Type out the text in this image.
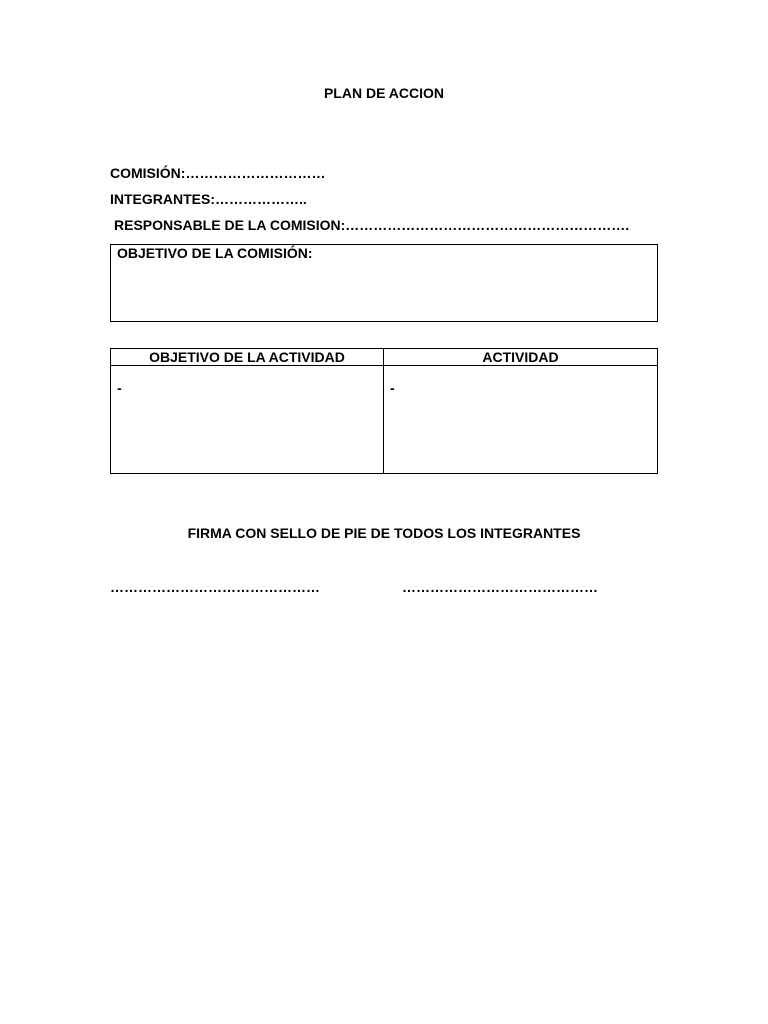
PLAN DE ACCION
COMISIÓN:…………………………
INTEGRANTES:………………..
RESPONSABLE DE LA COMISION:…………………………………………………….
OBJETIVO DE LA COMISIÓN:
OBJETIVO DE LA ACTIVIDAD	ACTIVIDAD
-	-
FIRMA CON SELLO DE PIE DE TODOS LOS INTEGRANTES
………………………………………	……………………………………
